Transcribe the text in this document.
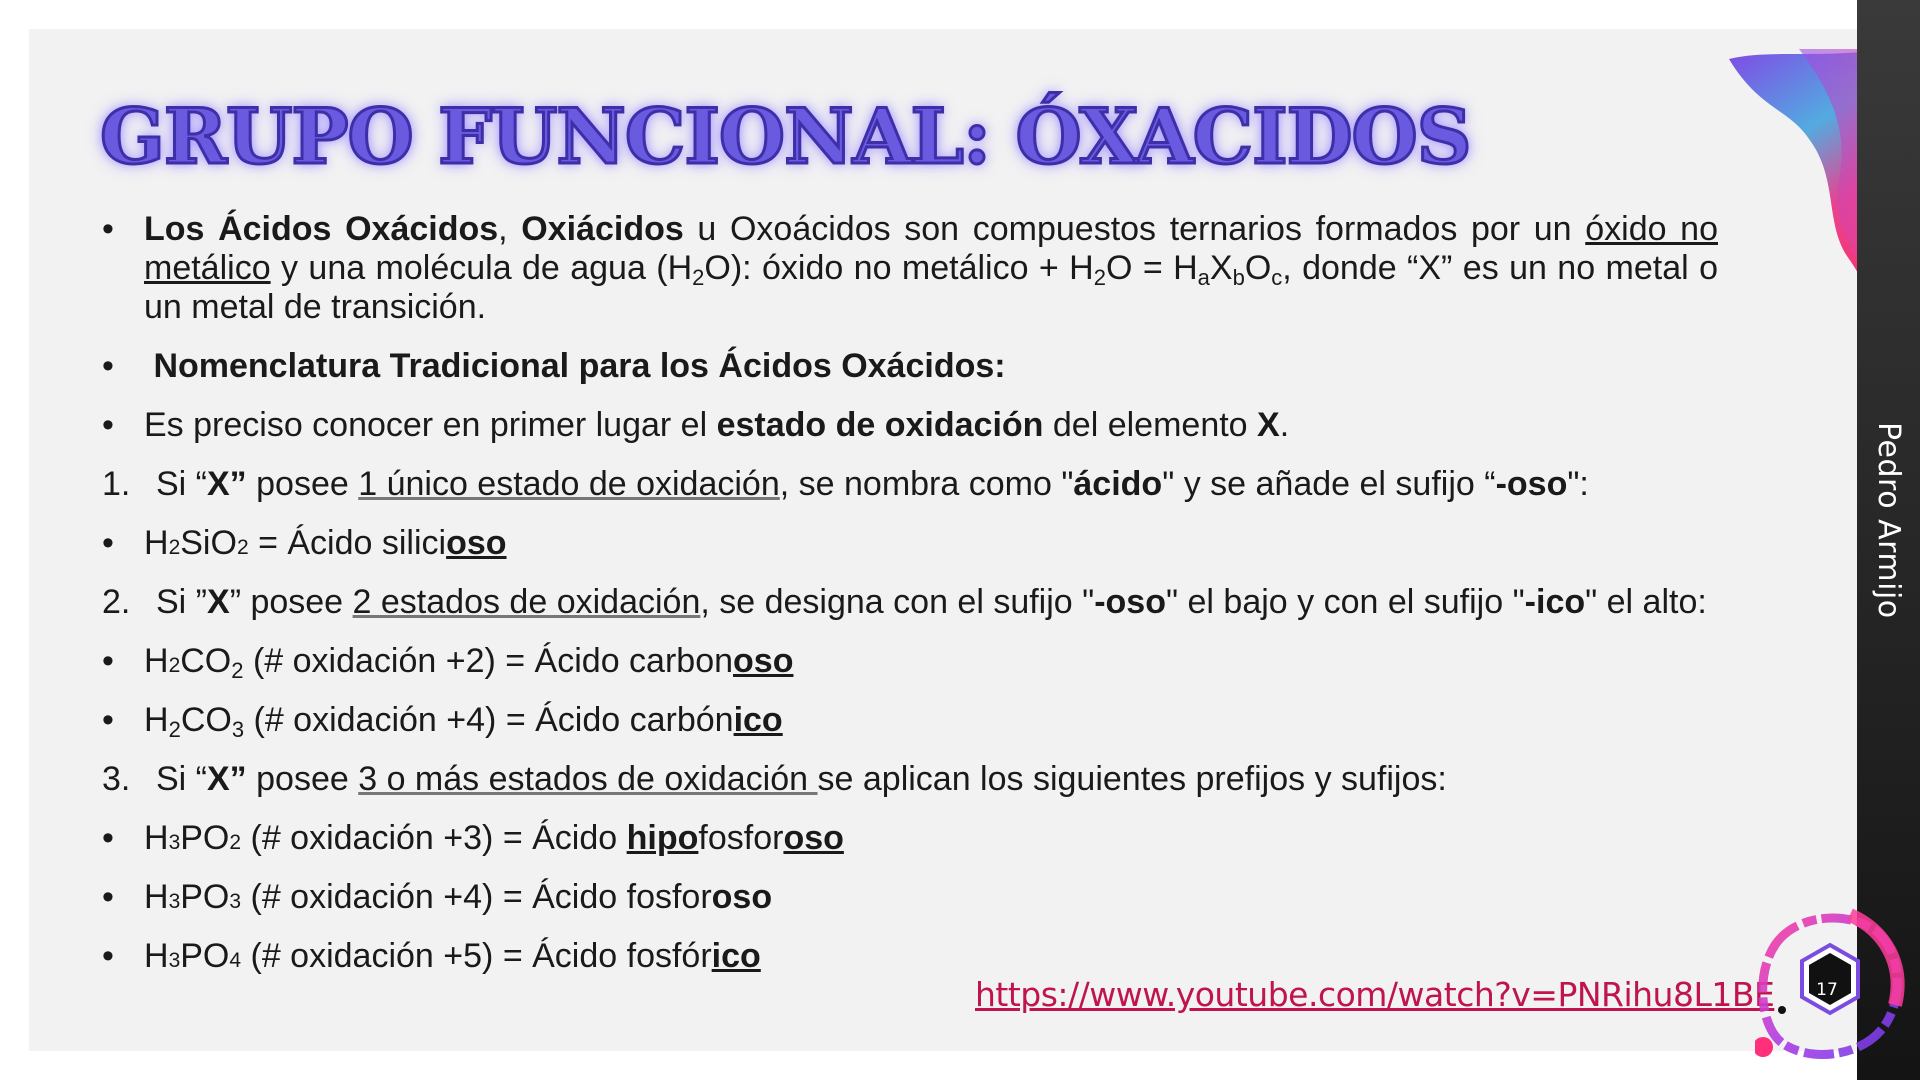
Pedro Armijo
GRUPO FUNCIONAL: ÓXACIDOS
• Los Ácidos Oxácidos, Oxiácidos u Oxoácidos son compuestos ternarios formados por un óxido no metálico y una molécula de agua $(H_2O)$: óxido no metálico + $H_2O = H_aX_bO_c$, donde “X” es un no metal o un metal de transición.
•	Nomenclatura Tradicional para los Ácidos Oxácidos:
• Es preciso conocer en primer lugar el estado de oxidación del elemento X.
1. Si “X” posee 1 único estado de oxidación, se nombra como "ácido" y se añade el sufijo “-oso":
• H2SiO2 = Ácido silicioso
2. Si ”X” posee 2 estados de oxidación, se designa con el sufijo "-oso" el bajo y con el sufijo "-ico" el alto:
• $H2CO_2$ (# oxidación +2) = Ácido carbonoso
• $H_2CO_3$ (# oxidación +4) = Ácido carbónico
3. Si “X” posee 3 o más estados de oxidación se aplican los siguientes prefijos y sufijos:
• H3PO2 (# oxidación +3) = Ácido hipofosforoso
• H3PO3 (# oxidación +4) = Ácido fosforoso
• H3PO4 (# oxidación +5) = Ácido fosfórico
https://www.youtube.com/watch?v=PNRihu8L1BE	17
